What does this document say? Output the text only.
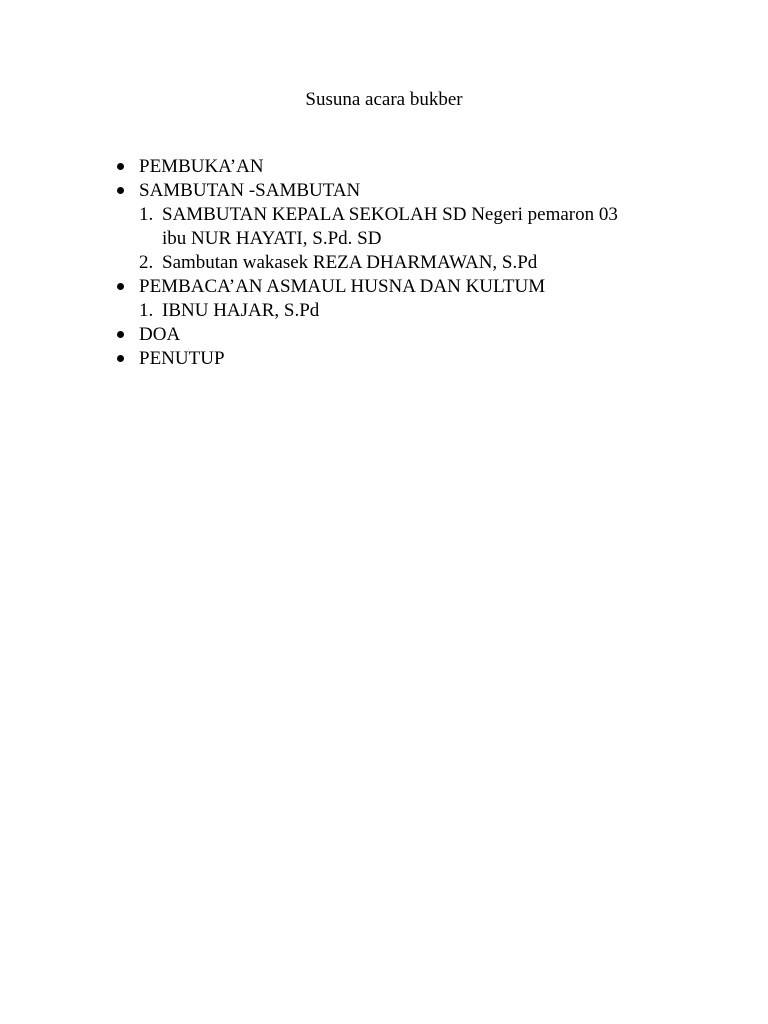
Susuna acara bukber
PEMBUKA’AN
SAMBUTAN -SAMBUTAN
1. SAMBUTAN KEPALA SEKOLAH SD Negeri pemaron 03
ibu NUR HAYATI, S.Pd. SD
2. Sambutan wakasek REZA DHARMAWAN, S.Pd
PEMBACA’AN ASMAUL HUSNA DAN KULTUM
1. IBNU HAJAR, S.Pd
DOA
PENUTUP
